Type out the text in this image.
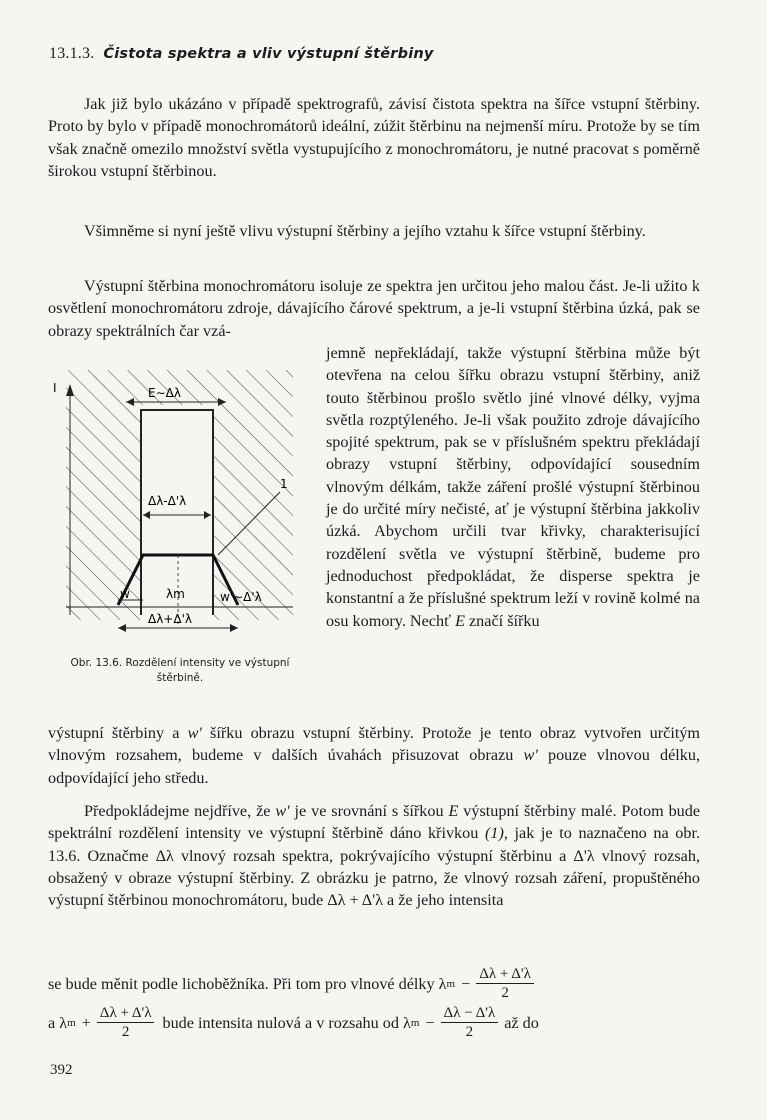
13.1.3. Čistota spektra a vliv výstupní štěrbiny

Jak již bylo ukázáno v případě spektrografů, závisí čistota spektra na šířce vstupní štěrbiny. Proto by bylo v případě monochromátorů ideální, zúžit štěrbinu na nejmenší míru. Protože by se tím však značně omezilo množství světla vystupujícího z monochromátoru, je nutné pracovat s poměrně širokou vstupní štěrbinou.

Všimněme si nyní ještě vlivu výstupní štěrbiny a jejího vztahu k šířce vstupní štěrbiny.

Výstupní štěrbina monochromátoru isoluje ze spektra jen určitou jeho malou část. Je-li užito k osvětlení monochromátoru zdroje, dávajícího čárové spektrum, a je-li vstupní štěrbina úzká, pak se obrazy spektrálních čar vzá-

jemně nepřekládají, takže výstupní štěrbina může být otevřena na celou šířku obrazu vstupní štěrbiny, aniž touto štěrbinou prošlo světlo jiné vlnové délky, vyjma světla rozptýleného. Je-li však použito zdroje dávajícího spojité spektrum, pak se v příslušném spektru překládají obrazy vstupní štěrbiny, odpovídající sousedním vlnovým délkám, takže záření prošlé výstupní štěrbinou je do určité míry nečisté, ať je výstupní štěrbina jakkoliv úzká. Abychom určili tvar křivky, charakterisující rozdělení světla ve výstupní štěrbině, budeme pro jednoduchost předpokládat, že disperse spektra je konstantní a že příslušné spektrum leží v rovině kolmé na osu komory. Nechť E značí šířku

výstupní štěrbiny a w' šířku obrazu vstupní štěrbiny. Protože je tento obraz vytvořen určitým vlnovým rozsahem, budeme v dalších úvahách přisuzovat obrazu w' pouze vlnovou délku, odpovídající jeho středu.

Předpokládejme nejdříve, že w' je ve srovnání s šířkou E výstupní štěrbiny malé. Potom bude spektrální rozdělení intensity ve výstupní štěrbině dáno křivkou (1), jak je to naznačeno na obr. 13.6. Označme Δλ vlnový rozsah spektra, pokrývajícího výstupní štěrbinu a Δ'λ vlnový rozsah, obsažený v obraze výstupní štěrbiny. Z obrázku je patrno, že vlnový rozsah záření, propuštěného výstupní štěrbinou monochromátoru, bude Δλ + Δ'λ a že jeho intensita

se bude měnit podle lichoběžníka. Při tom pro vlnové délky λ $m - \frac{\Delta\lambda + \Delta'\lambda}{2}$
a λ $m + \frac{\Delta\lambda + \Delta'\lambda}{2}$ bude intensita nulová a v rozsahu od λ $m - \frac{\Delta\lambda - \Delta'\lambda}{2}$ až do
I	E∼Δλ
Δλ-Δ'λ
1
w	λm	w'∼Δ'λ
Δλ+Δ'λ
Obr. 13.6. Rozdělení intensity ve výstupní štěrbině.
392
